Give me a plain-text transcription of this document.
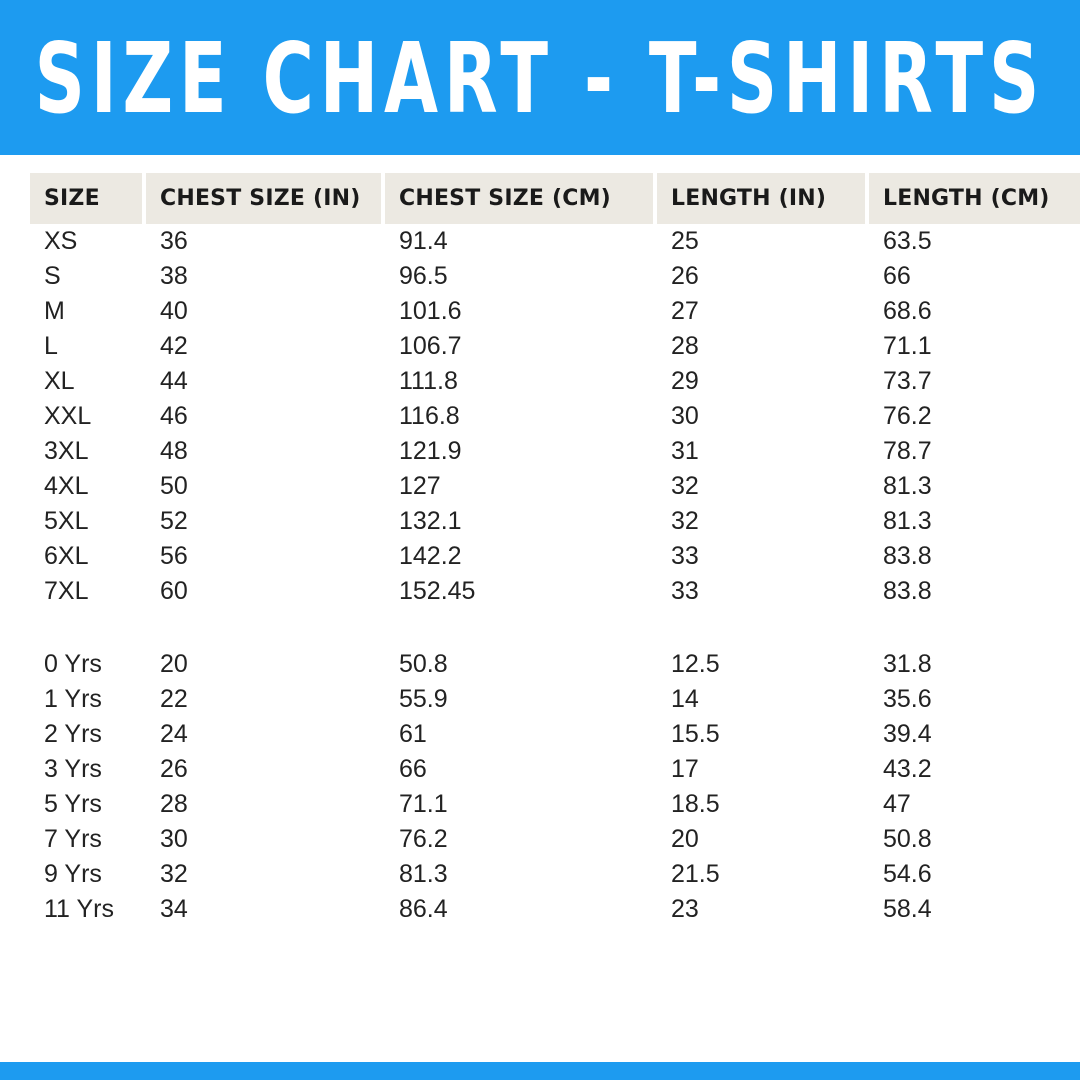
SIZE CHART - T-SHIRTS
SIZE	CHEST SIZE (IN)	CHEST SIZE (CM)	LENGTH (IN)	LENGTH (CM)
XS	36	91.4	25	63.5
S	38	96.5	26	66
M	40	101.6	27	68.6
L	42	106.7	28	71.1
XL	44	111.8	29	73.7
XXL	46	116.8	30	76.2
3XL	48	121.9	31	78.7
4XL	50	127	32	81.3
5XL	52	132.1	32	81.3
6XL	56	142.2	33	83.8
7XL	60	152.45	33	83.8

0 Yrs	20	50.8	12.5	31.8
1 Yrs	22	55.9	14	35.6
2 Yrs	24	61	15.5	39.4
3 Yrs	26	66	17	43.2
5 Yrs	28	71.1	18.5	47
7 Yrs	30	76.2	20	50.8
9 Yrs	32	81.3	21.5	54.6
11 Yrs	34	86.4	23	58.4
